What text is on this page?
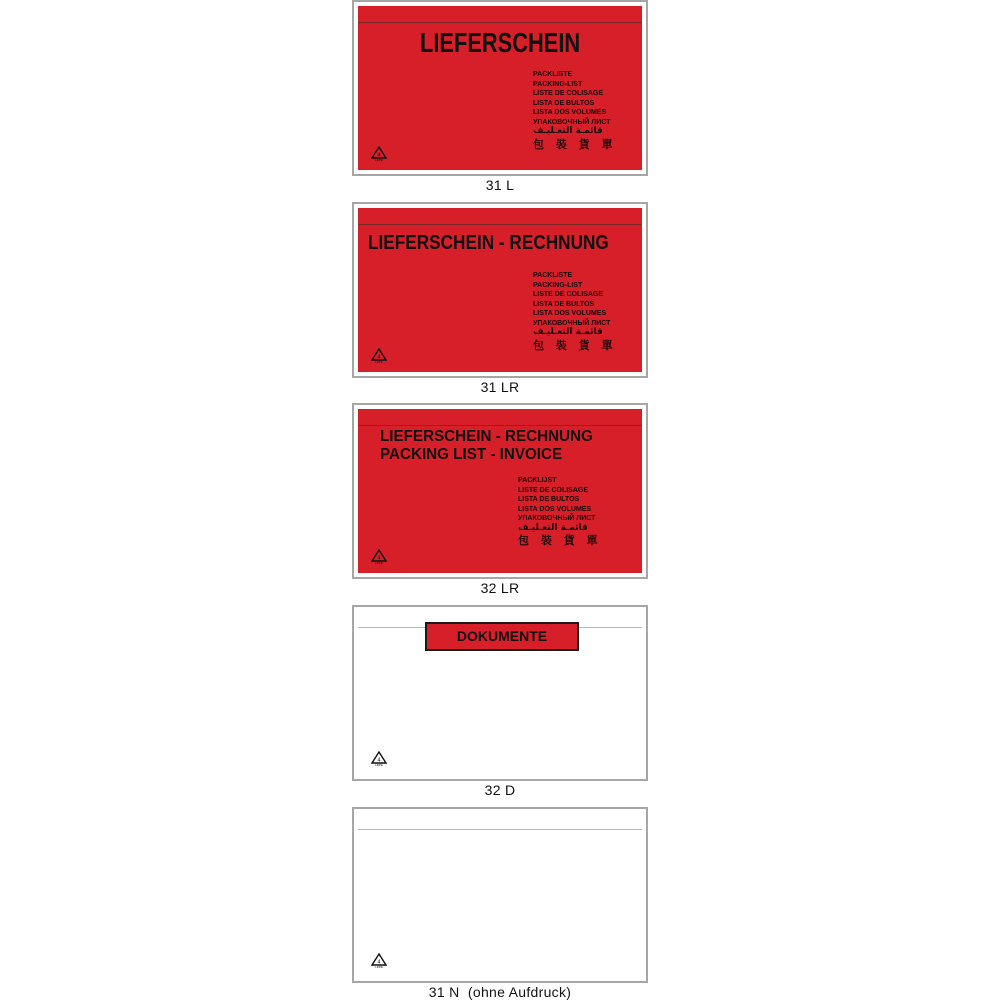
LIEFERSCHEIN
PACKLISTE
PACKING-LIST
LISTE DE COLISAGE
LISTA DE BULTOS
LISTA DOS VOLUMES
УПАКОВОЧНЫЙ ЛИСТ
قائمـة التعـليـف
包 裝 貨 單
4
LDPE
31 L
LIEFERSCHEIN - RECHNUNG
PACKLISTE
PACKING-LIST
LISTE DE COLISAGE
LISTA DE BULTOS
LISTA DOS VOLUMES
УПАКОВОЧНЫЙ ЛИСТ
قائمـة التعـليـف
包 裝 貨 單
4
LDPE
31 LR
LIEFERSCHEIN - RECHNUNG
PACKING LIST - INVOICE
PACKLIJST
LISTE DE COLISAGE
LISTA DE BULTOS
LISTA DOS VOLUMES
УПАКОВОЧНЫЙ ЛИСТ
قائمـة التعـليـف
包 裝 貨 單
4
LDPE
32 LR
DOKUMENTE
4
LDPE
32 D
4
LDPE
31 N  (ohne Aufdruck)
